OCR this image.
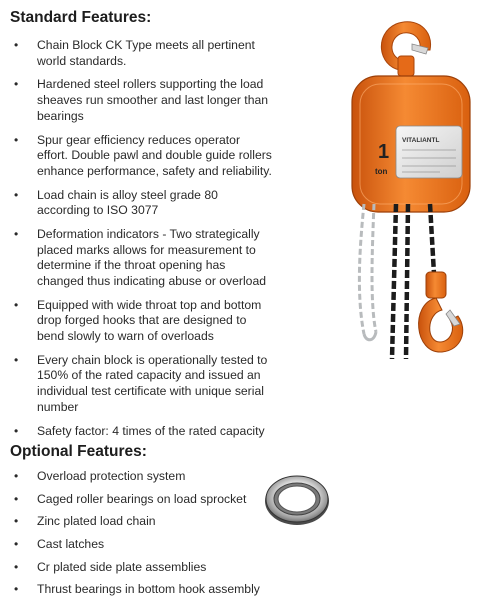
Standard Features:
• Chain Block CK Type meets all pertinent world standards.
• Hardened steel rollers supporting the load sheaves run smoother and last longer than bearings
• Spur gear efficiency reduces operator effort. Double pawl and double guide rollers enhance performance, safety and reliability.
• Load chain is alloy steel grade 80 according to ISO 3077
• Deformation indicators - Two strategically placed marks allows for measurement to determine if the throat opening has changed thus indicating abuse or overload
• Equipped with wide throat top and bottom drop forged hooks that are designed to bend slowly to warn of overloads
• Every chain block is operationally tested to 150% of the rated capacity and issued an individual test certificate with unique serial number
• Safety factor: 4 times of the rated capacity
Optional Features:
• Overload protection system
• Caged roller bearings on load sprocket
• Zinc plated load chain
• Cast latches
• Cr plated side plate assemblies
• Thrust bearings in bottom hook assembly
1
ton
VITALIANTL
